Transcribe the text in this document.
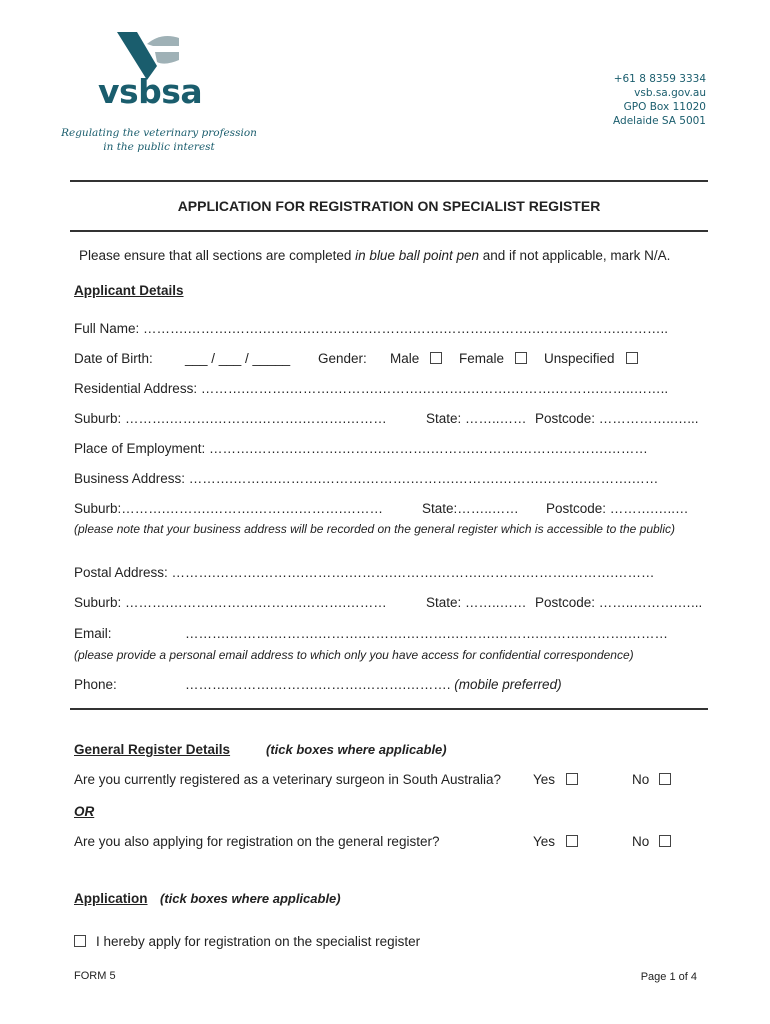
vsbsa
Regulating the veterinary profession
in the public interest
+61 8 8359 3334
vsb.sa.gov.au
GPO Box 11020
Adelaide SA 5001
APPLICATION FOR REGISTRATION ON SPECIALIST REGISTER
Please ensure that all sections are completed in blue ball point pen and if not applicable, mark N/A.
Applicant Details
Full Name: ……….……….…….……….…….…….……….…….……….……….……….……….………..
Date of Birth: ___ / ___ / _____ Gender: Male	Female	Unspecified
Residential Address: ……….……….……….……….……….……….……….……….……….……..……..
Suburb: ……….……….……….……….……….………	State: ……..…… Postcode: ……………..…...
Place of Employment: ……….……….……….……….……….……….……….……….……….………
Business Address: ……….……….……….……….……….……….……….……….……….……….……
Suburb:……….……….……….……….……….………	State:……..…… Postcode: ……….…..…
(please note that your business address will be recorded on the general register which is accessible to the public)
Postal Address: ……….……….……….……….……….……….……….……….……….……….………
Suburb: ……….……….……….……….……….………	State: ……..…… Postcode: ……..……….…...
Email:	……….……….……….……….……….……….……….……….……….……….………
(please provide a personal email address to which only you have access for confidential correspondence)
Phone:	……….……….……….……….……….………. (mobile preferred)
General Register Details	(tick boxes where applicable)
Are you currently registered as a veterinary surgeon in South Australia? Yes	No
OR
Are you also applying for registration on the general register?	Yes	No
Application (tick boxes where applicable)
I hereby apply for registration on the specialist register
FORM 5	Page 1 of 4
